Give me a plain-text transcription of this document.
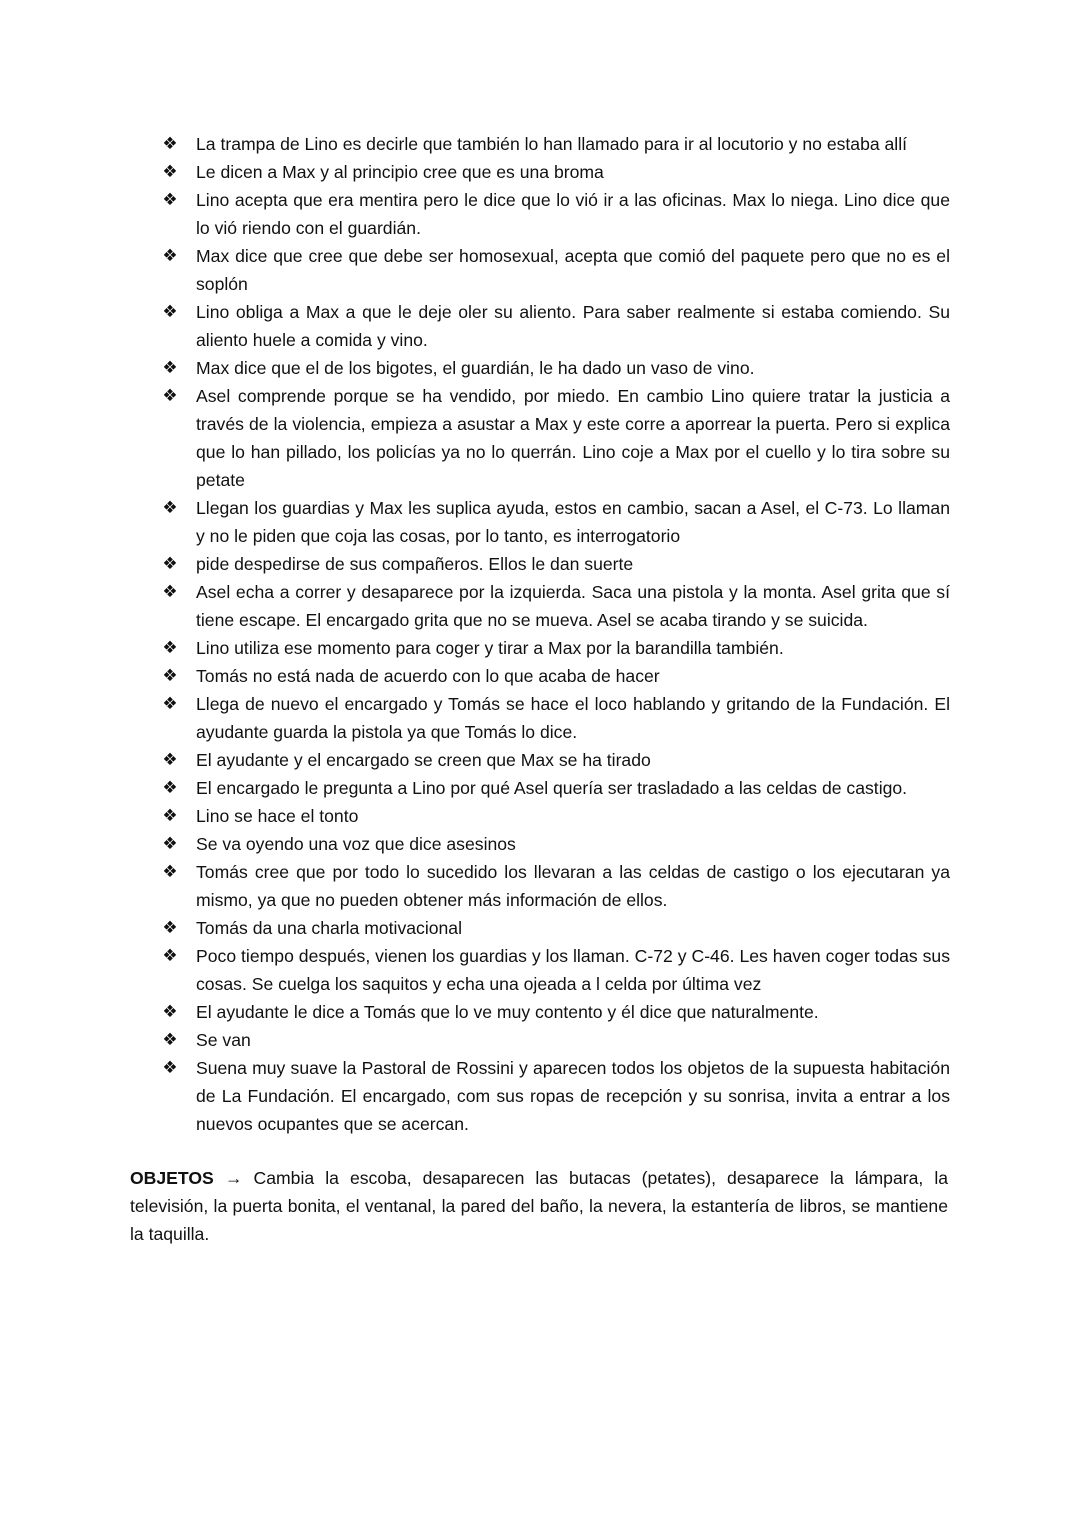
❖ La trampa de Lino es decirle que también lo han llamado para ir al locutorio y no estaba allí
❖ Le dicen a Max y al principio cree que es una broma
❖ Lino acepta que era mentira pero le dice que lo vió ir a las oficinas. Max lo niega. Lino dice que lo vió riendo con el guardián.
❖ Max dice que cree que debe ser homosexual, acepta que comió del paquete pero que no es el soplón
❖ Lino obliga a Max a que le deje oler su aliento. Para saber realmente si estaba comiendo. Su aliento huele a comida y vino.
❖ Max dice que el de los bigotes, el guardián, le ha dado un vaso de vino.
❖ Asel comprende porque se ha vendido, por miedo. En cambio Lino quiere tratar la justicia a través de la violencia, empieza a asustar a Max y este corre a aporrear la puerta. Pero si explica que lo han pillado, los policías ya no lo querrán. Lino coje a Max por el cuello y lo tira sobre su petate
❖ Llegan los guardias y Max les suplica ayuda, estos en cambio, sacan a Asel, el C-73. Lo llaman y no le piden que coja las cosas, por lo tanto, es interrogatorio
❖ pide despedirse de sus compañeros. Ellos le dan suerte
❖ Asel echa a correr y desaparece por la izquierda. Saca una pistola y la monta. Asel grita que sí tiene escape. El encargado grita que no se mueva. Asel se acaba tirando y se suicida.
❖ Lino utiliza ese momento para coger y tirar a Max por la barandilla también.
❖ Tomás no está nada de acuerdo con lo que acaba de hacer
❖ Llega de nuevo el encargado y Tomás se hace el loco hablando y gritando de la Fundación. El ayudante guarda la pistola ya que Tomás lo dice.
❖ El ayudante y el encargado se creen que Max se ha tirado
❖ El encargado le pregunta a Lino por qué Asel quería ser trasladado a las celdas de castigo.
❖ Lino se hace el tonto
❖ Se va oyendo una voz que dice asesinos
❖ Tomás cree que por todo lo sucedido los llevaran a las celdas de castigo o los ejecutaran ya mismo, ya que no pueden obtener más información de ellos.
❖ Tomás da una charla motivacional
❖ Poco tiempo después, vienen los guardias y los llaman. C-72 y C-46. Les haven coger todas sus cosas. Se cuelga los saquitos y echa una ojeada a l celda por última vez
❖ El ayudante le dice a Tomás que lo ve muy contento y él dice que naturalmente.
❖ Se van
❖ Suena muy suave la Pastoral de Rossini y aparecen todos los objetos de la supuesta habitación de La Fundación. El encargado, com sus ropas de recepción y su sonrisa, invita a entrar a los nuevos ocupantes que se acercan.

OBJETOS → Cambia la escoba, desaparecen las butacas (petates), desaparece la lámpara, la televisión, la puerta bonita, el ventanal, la pared del baño, la nevera, la estantería de libros, se mantiene la taquilla.
